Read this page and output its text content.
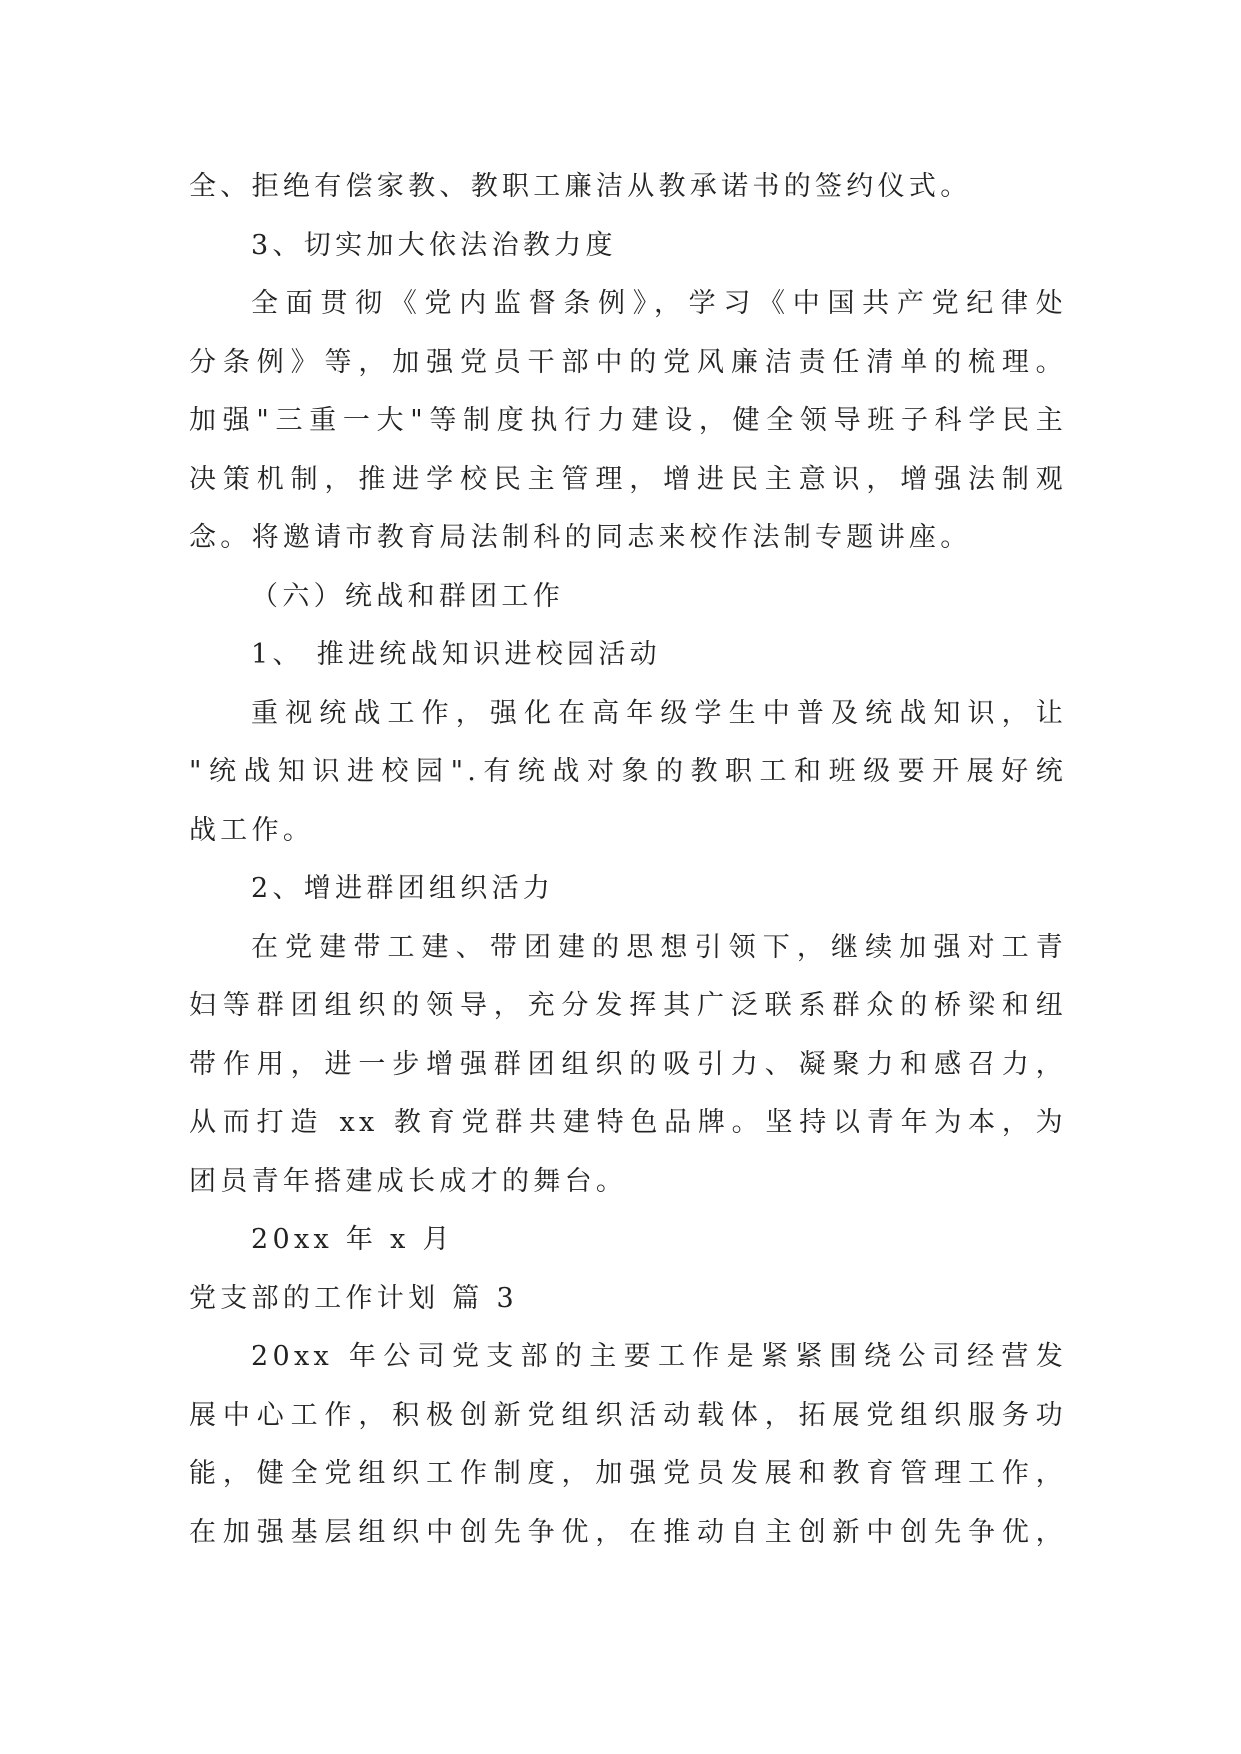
全、拒绝有偿家教、教职工廉洁从教承诺书的签约仪式。
3、切实加大依法治教力度
全面贯彻《党内监督条例》，学习《中国共产党纪律处
分条例》等，加强党员干部中的党风廉洁责任清单的梳理。
加强"三重一大"等制度执行力建设，健全领导班子科学民主
决策机制，推进学校民主管理，增进民主意识，增强法制观
念。将邀请市教育局法制科的同志来校作法制专题讲座。
（六）统战和群团工作
1、 推进统战知识进校园活动
重视统战工作，强化在高年级学生中普及统战知识，让
"统战知识进校园".有统战对象的教职工和班级要开展好统
战工作。
2、增进群团组织活力
在党建带工建、带团建的思想引领下，继续加强对工青
妇等群团组织的领导，充分发挥其广泛联系群众的桥梁和纽
带作用，进一步增强群团组织的吸引力、凝聚力和感召力，
从而打造 xx 教育党群共建特色品牌。坚持以青年为本，为
团员青年搭建成长成才的舞台。
20xx 年 x 月
党支部的工作计划 篇 3
20xx 年公司党支部的主要工作是紧紧围绕公司经营发
展中心工作，积极创新党组织活动载体，拓展党组织服务功
能，健全党组织工作制度，加强党员发展和教育管理工作，
在加强基层组织中创先争优，在推动自主创新中创先争优，
